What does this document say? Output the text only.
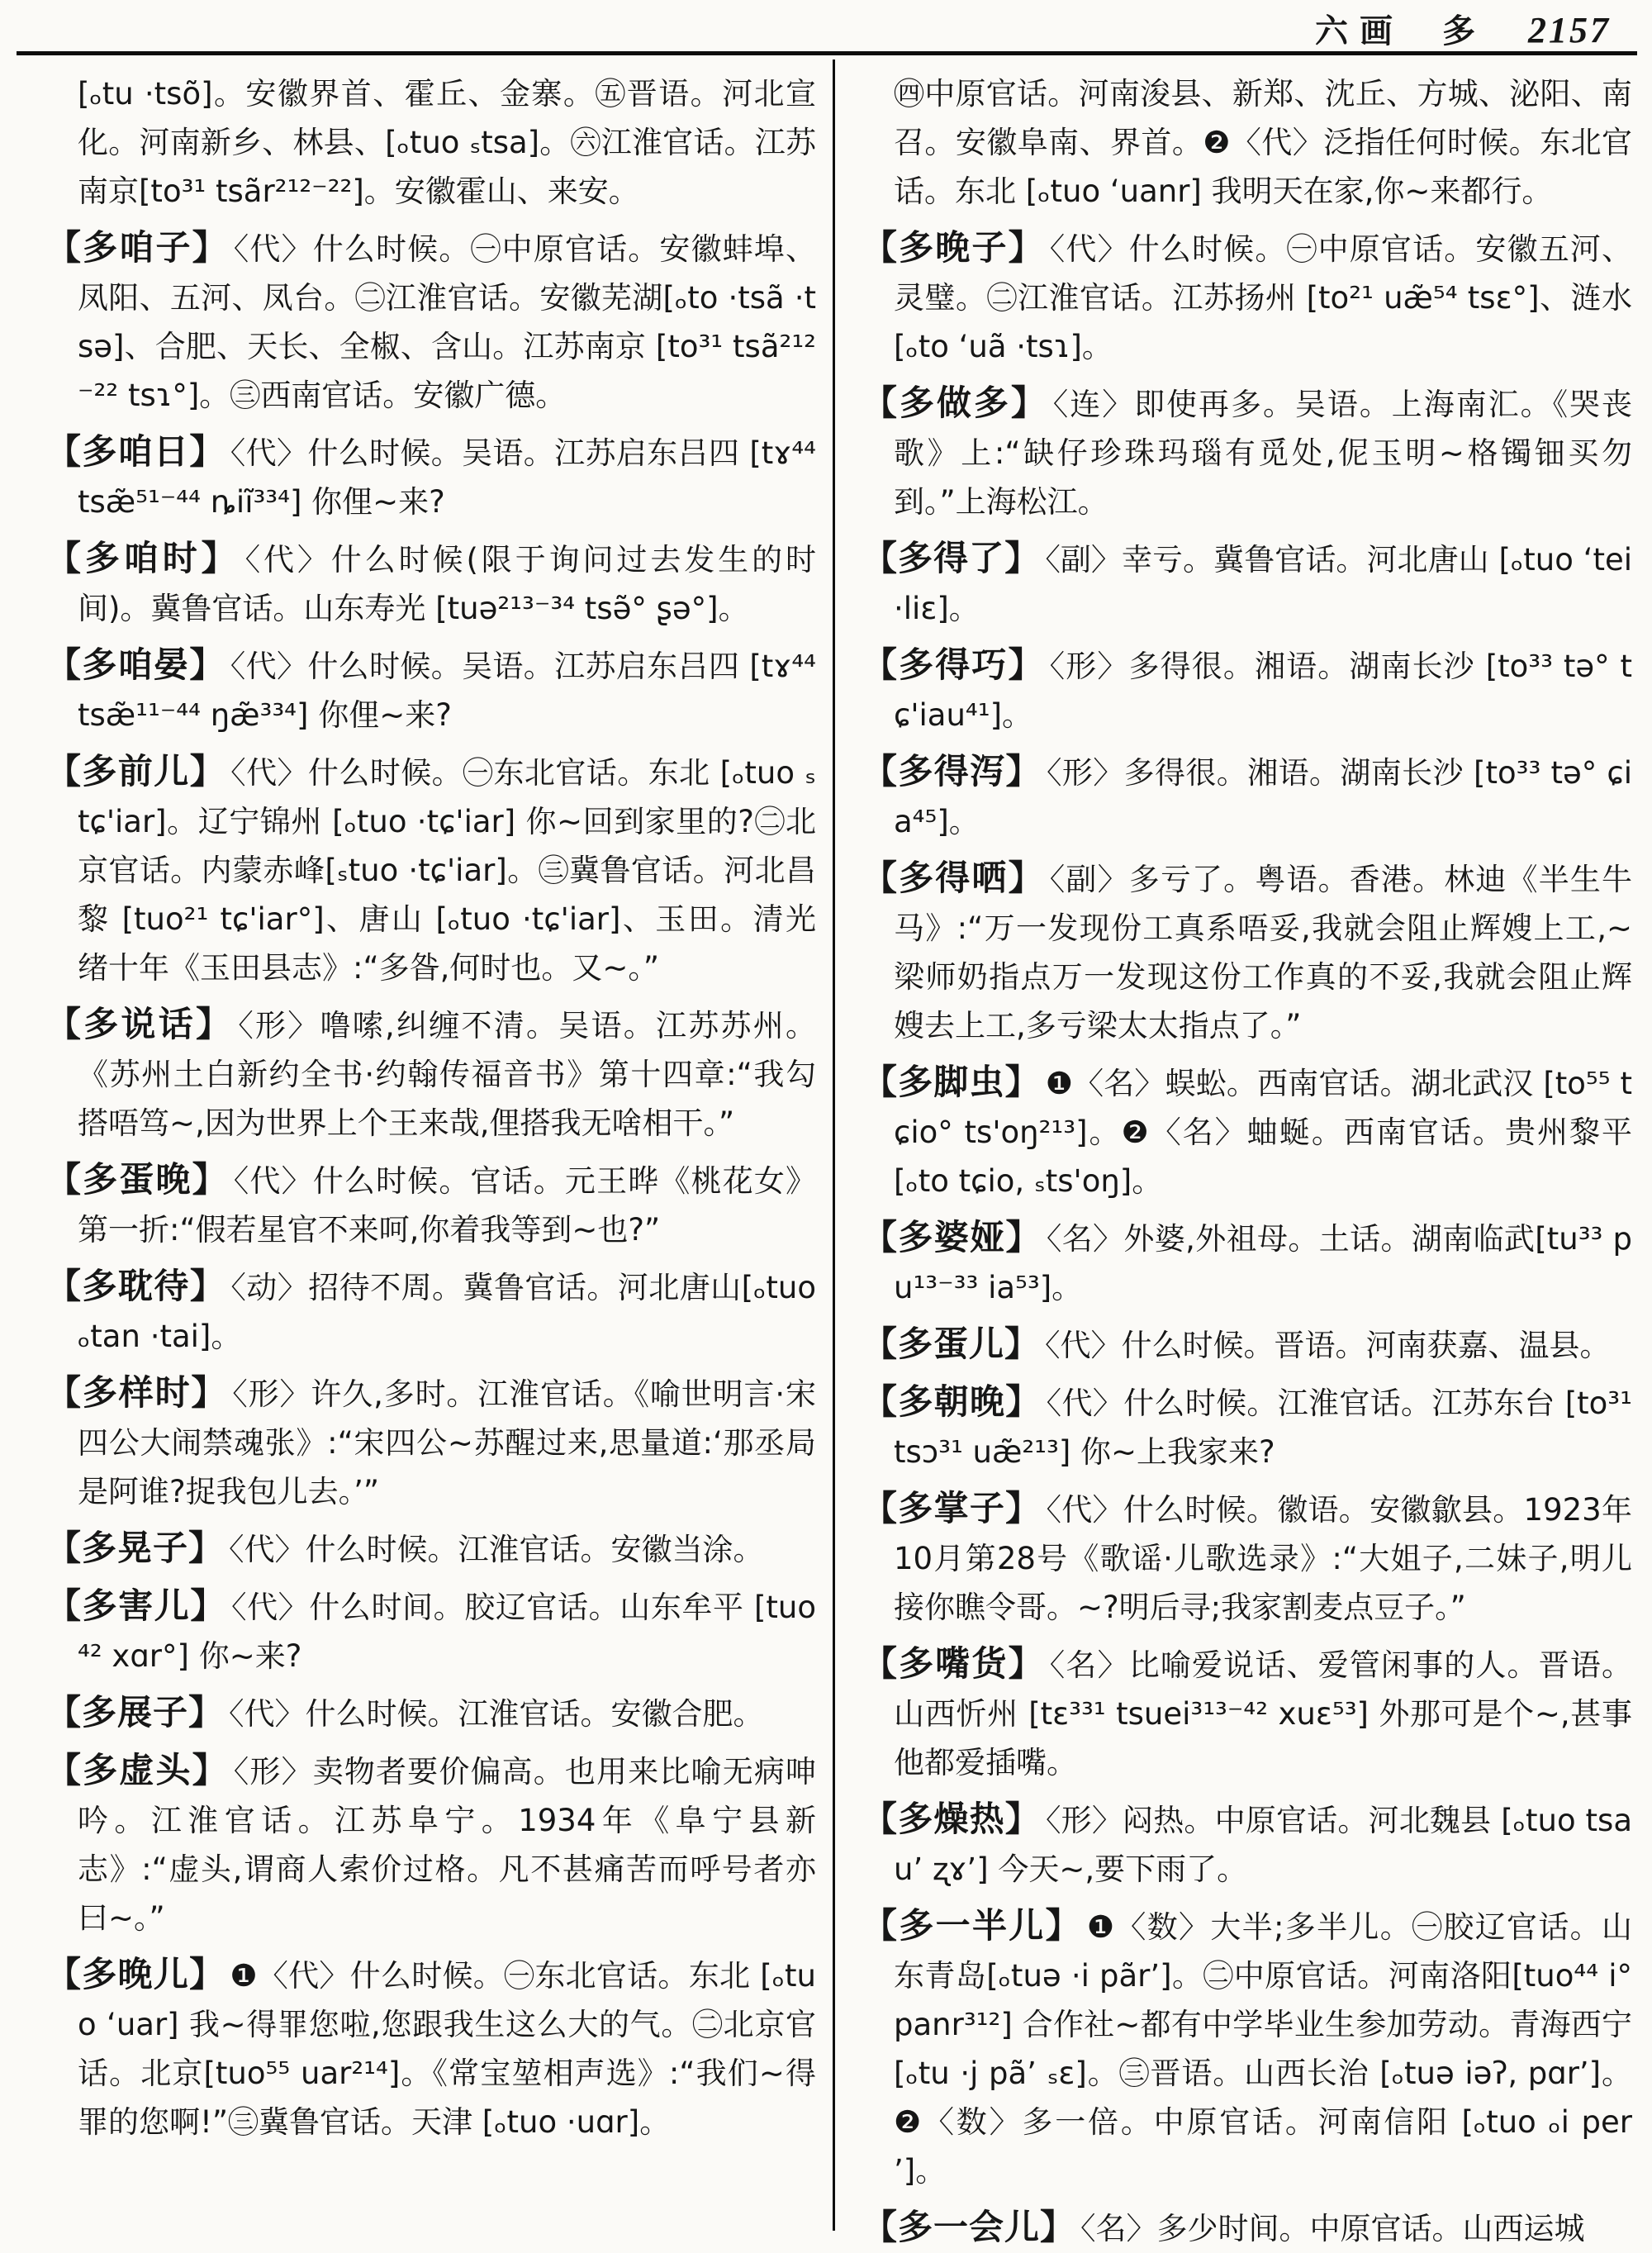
六画 多 2157
[ₒtu ·tsõ]。安徽界首、霍丘、金寨。㊄晋语。河北宣化。河南新乡、林县、[ₒtuo ₛtsa]。㊅江淮官话。江苏南京[to³¹ tsãr²¹²⁻²²]。安徽霍山、来安。
【多咱子】 〈代〉什么时候。㊀中原官话。安徽蚌埠、凤阳、五河、凤台。㊁江淮官话。安徽芜湖[ₒto ·tsã ·tsə]、合肥、天长、全椒、含山。江苏南京 [to³¹ tsã²¹²⁻²² tsɿ°]。㊂西南官话。安徽广德。
【多咱日】 〈代〉什么时候。吴语。江苏启东吕四 [tɤ⁴⁴ tsæ̃⁵¹⁻⁴⁴ ȵiĩ³³⁴] 你俚~来?
【多咱时】 〈代〉什么时候(限于询问过去发生的时间)。冀鲁官话。山东寿光 [tuə²¹³⁻³⁴ tsə̃° ʂə°]。
【多咱晏】 〈代〉什么时候。吴语。江苏启东吕四 [tɤ⁴⁴ tsæ̃¹¹⁻⁴⁴ ŋæ̃³³⁴] 你俚~来?
【多前儿】 〈代〉什么时候。㊀东北官话。东北 [ₒtuo ₛtɕ'iar]。辽宁锦州 [ₒtuo ·tɕ'iar] 你~回到家里的?㊁北京官话。内蒙赤峰[ₛtuo ·tɕ'iar]。㊂冀鲁官话。河北昌黎 [tuo²¹ tɕ'iar°]、唐山 [ₒtuo ·tɕ'iar]、玉田。清光绪十年《玉田县志》:“多昝,何时也。又~。”
【多说话】 〈形〉噜嗦,纠缠不清。吴语。江苏苏州。《苏州土白新约全书·约翰传福音书》第十四章:“我勾搭唔笃~,因为世界上个王来哉,俚搭我无啥相干。”
【多蛋晚】 〈代〉什么时候。官话。元王晔《桃花女》第一折:“假若星官不来呵,你着我等到~也?”
【多耽待】 〈动〉招待不周。冀鲁官话。河北唐山[ₒtuo ₒtan ·tai]。
【多样时】 〈形〉许久,多时。江淮官话。《喻世明言·宋四公大闹禁魂张》:“宋四公~苏醒过来,思量道:‘那丞局是阿谁?捉我包儿去。’”
【多晃子】 〈代〉什么时候。江淮官话。安徽当涂。
【多害儿】 〈代〉什么时间。胶辽官话。山东牟平 [tuo⁴² xɑr°] 你~来?
【多展子】 〈代〉什么时候。江淮官话。安徽合肥。
【多虚头】 〈形〉卖物者要价偏高。也用来比喻无病呻吟。江淮官话。江苏阜宁。1934年《阜宁县新志》:“虚头,谓商人索价过格。凡不甚痛苦而呼号者亦曰~。”
【多晚儿】 ❶〈代〉什么时候。㊀东北官话。东北 [ₒtuo ʻuar] 我~得罪您啦,您跟我生这么大的气。㊁北京官话。北京[tuo⁵⁵ uar²¹⁴]。《常宝堃相声选》:“我们~得罪的您啊!”㊂冀鲁官话。天津 [ₒtuo ·uɑr]。
㊃中原官话。河南浚县、新郑、沈丘、方城、泌阳、南召。安徽阜南、界首。❷〈代〉泛指任何时候。东北官话。东北 [ₒtuo ʻuanr] 我明天在家,你~来都行。
【多晚子】 〈代〉什么时候。㊀中原官话。安徽五河、灵璧。㊁江淮官话。江苏扬州 [to²¹ uæ̃⁵⁴ tsɛ°]、涟水[ₒto ʻuã ·tsɿ]。
【多做多】 〈连〉即使再多。吴语。上海南汇。《哭丧歌》上:“缺仔珍珠玛瑙有觅处,伲玉明~格镯钿买勿到。”上海松江。
【多得了】 〈副〉幸亏。冀鲁官话。河北唐山 [ₒtuo ʻtei ·liɛ]。
【多得巧】 〈形〉多得很。湘语。湖南长沙 [to³³ tə° tɕ'iau⁴¹]。
【多得泻】 〈形〉多得很。湘语。湖南长沙 [to³³ tə° ɕia⁴⁵]。
【多得哂】 〈副〉多亏了。粤语。香港。林迪《半生牛马》:“万一发现份工真系唔妥,我就会阻止辉嫂上工,~梁师奶指点万一发现这份工作真的不妥,我就会阻止辉嫂去上工,多亏梁太太指点了。”
【多脚虫】 ❶〈名〉蜈蚣。西南官话。湖北武汉 [to⁵⁵ tɕio° ts'oŋ²¹³]。❷〈名〉蚰蜒。西南官话。贵州黎平 [ₒto tɕio, ₛts'oŋ]。
【多婆娅】 〈名〉外婆,外祖母。土话。湖南临武[tu³³ pu¹³⁻³³ ia⁵³]。
【多蛋儿】 〈代〉什么时候。晋语。河南获嘉、温县。
【多朝晚】 〈代〉什么时候。江淮官话。江苏东台 [to³¹ tsɔ³¹ uæ̃²¹³] 你~上我家来?
【多掌子】 〈代〉什么时候。徽语。安徽歙县。1923年10月第28号《歌谣·儿歌选录》:“大姐子,二妹子,明儿接你瞧令哥。~?明后寻;我家割麦点豆子。”
【多嘴货】 〈名〉比喻爱说话、爱管闲事的人。晋语。山西忻州 [tɛ³³¹ tsuei³¹³⁻⁴² xuɛ⁵³] 外那可是个~,甚事他都爱插嘴。
【多燥热】 〈形〉闷热。中原官话。河北魏县 [ₒtuo tsauʼ ʐɤʼ] 今天~,要下雨了。
【多一半儿】 ❶〈数〉大半;多半儿。㊀胶辽官话。山东青岛[ₒtuə ·i pãrʼ]。㊁中原官话。河南洛阳[tuo⁴⁴ i° panr³¹²] 合作社~都有中学毕业生参加劳动。青海西宁 [ₒtu ·j pãʼ ₛɛ]。㊂晋语。山西长治 [ₒtuə iəʔ, pɑrʼ]。❷〈数〉多一倍。中原官话。河南信阳 [ₒtuo ₒi perʼ]。
【多一会儿】 〈名〉多少时间。中原官话。山西运城
